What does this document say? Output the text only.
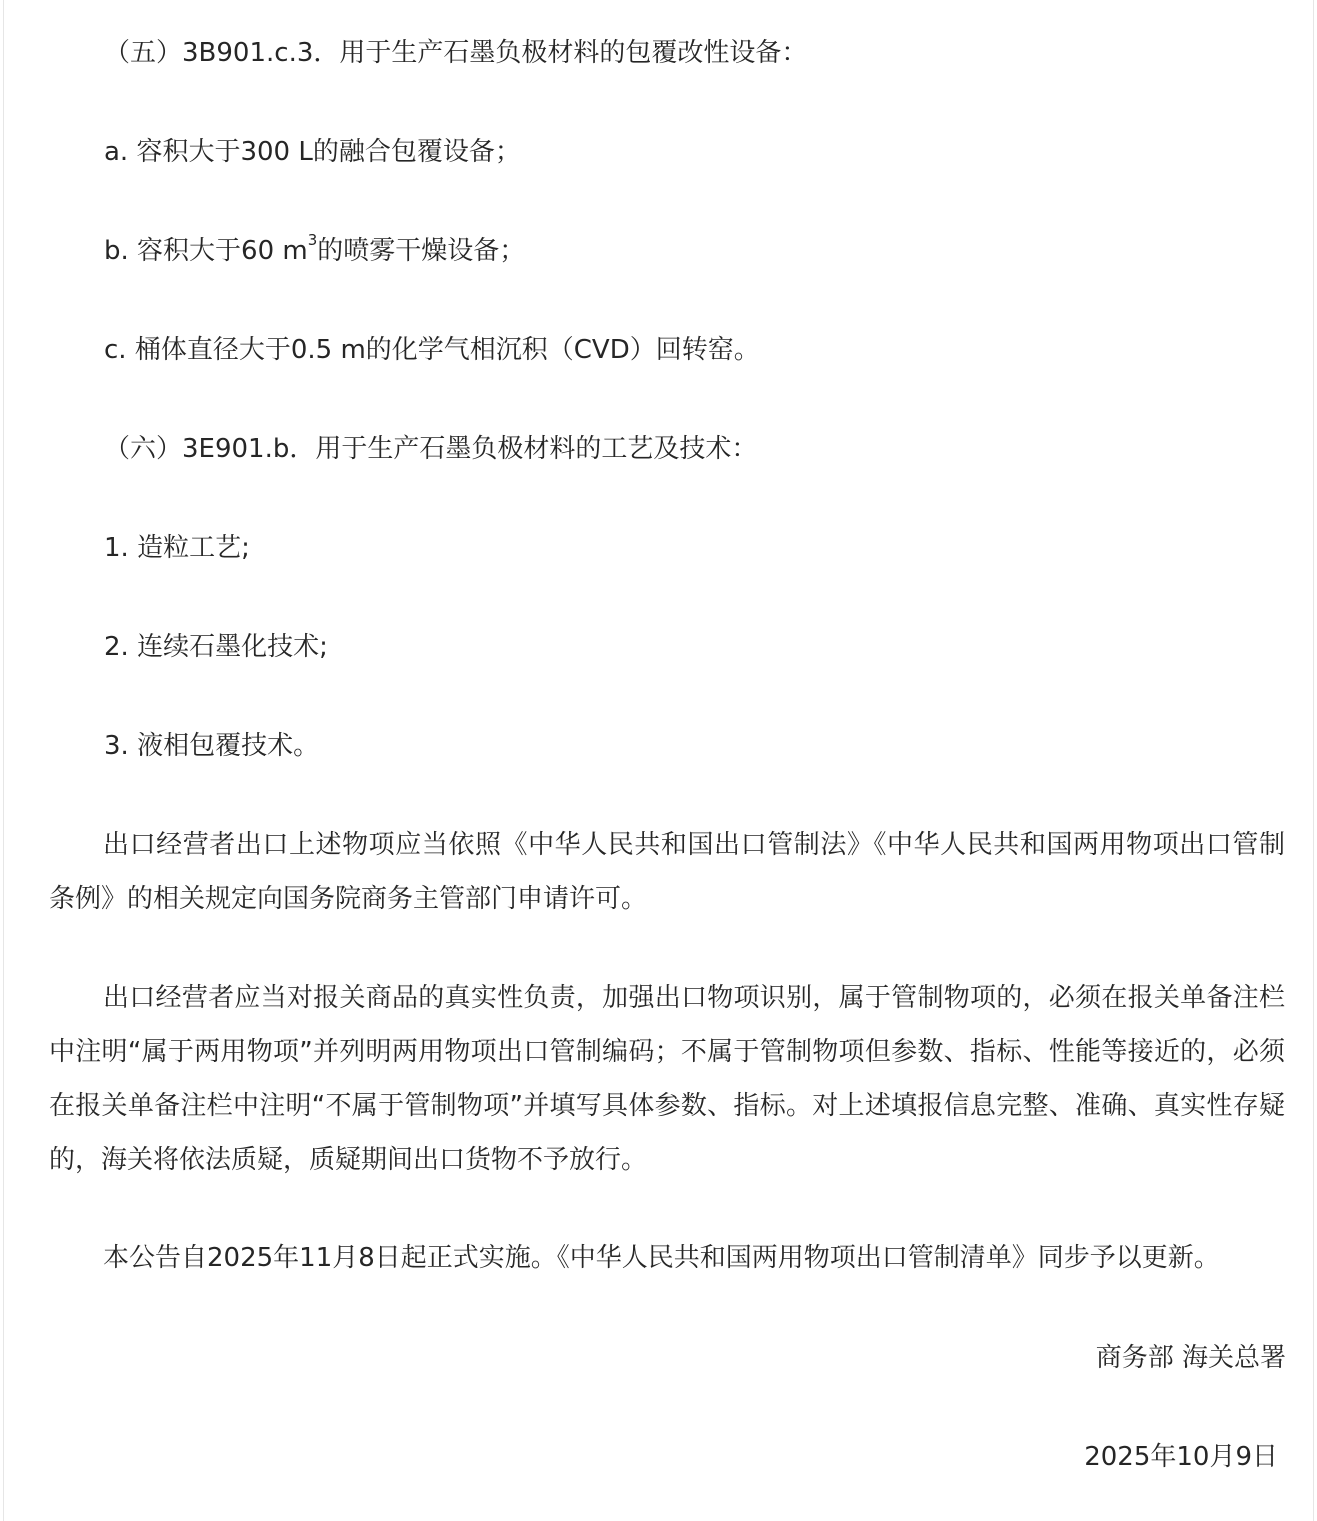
（五）3B901.c.3．用于生产石墨负极材料的包覆改性设备：
a. 容积大于300 L的融合包覆设备；
b. 容积大于60 $m^3$的喷雾干燥设备；
c. 桶体直径大于0.5 m的化学气相沉积（CVD）回转窑。
（六）3E901.b．用于生产石墨负极材料的工艺及技术：
1. 造粒工艺;
2. 连续石墨化技术;
3. 液相包覆技术。
出口经营者出口上述物项应当依照《中华人民共和国出口管制法》《中华人民共和国两用物项出口管制条例》的相关规定向国务院商务主管部门申请许可。
出口经营者应当对报关商品的真实性负责，加强出口物项识别，属于管制物项的，必须在报关单备注栏中注明“属于两用物项”并列明两用物项出口管制编码；不属于管制物项但参数、指标、性能等接近的，必须在报关单备注栏中注明“不属于管制物项”并填写具体参数、指标。对上述填报信息完整、准确、真实性存疑的，海关将依法质疑，质疑期间出口货物不予放行。
本公告自2025年11月8日起正式实施。《中华人民共和国两用物项出口管制清单》同步予以更新。
商务部 海关总署
2025年10月9日
